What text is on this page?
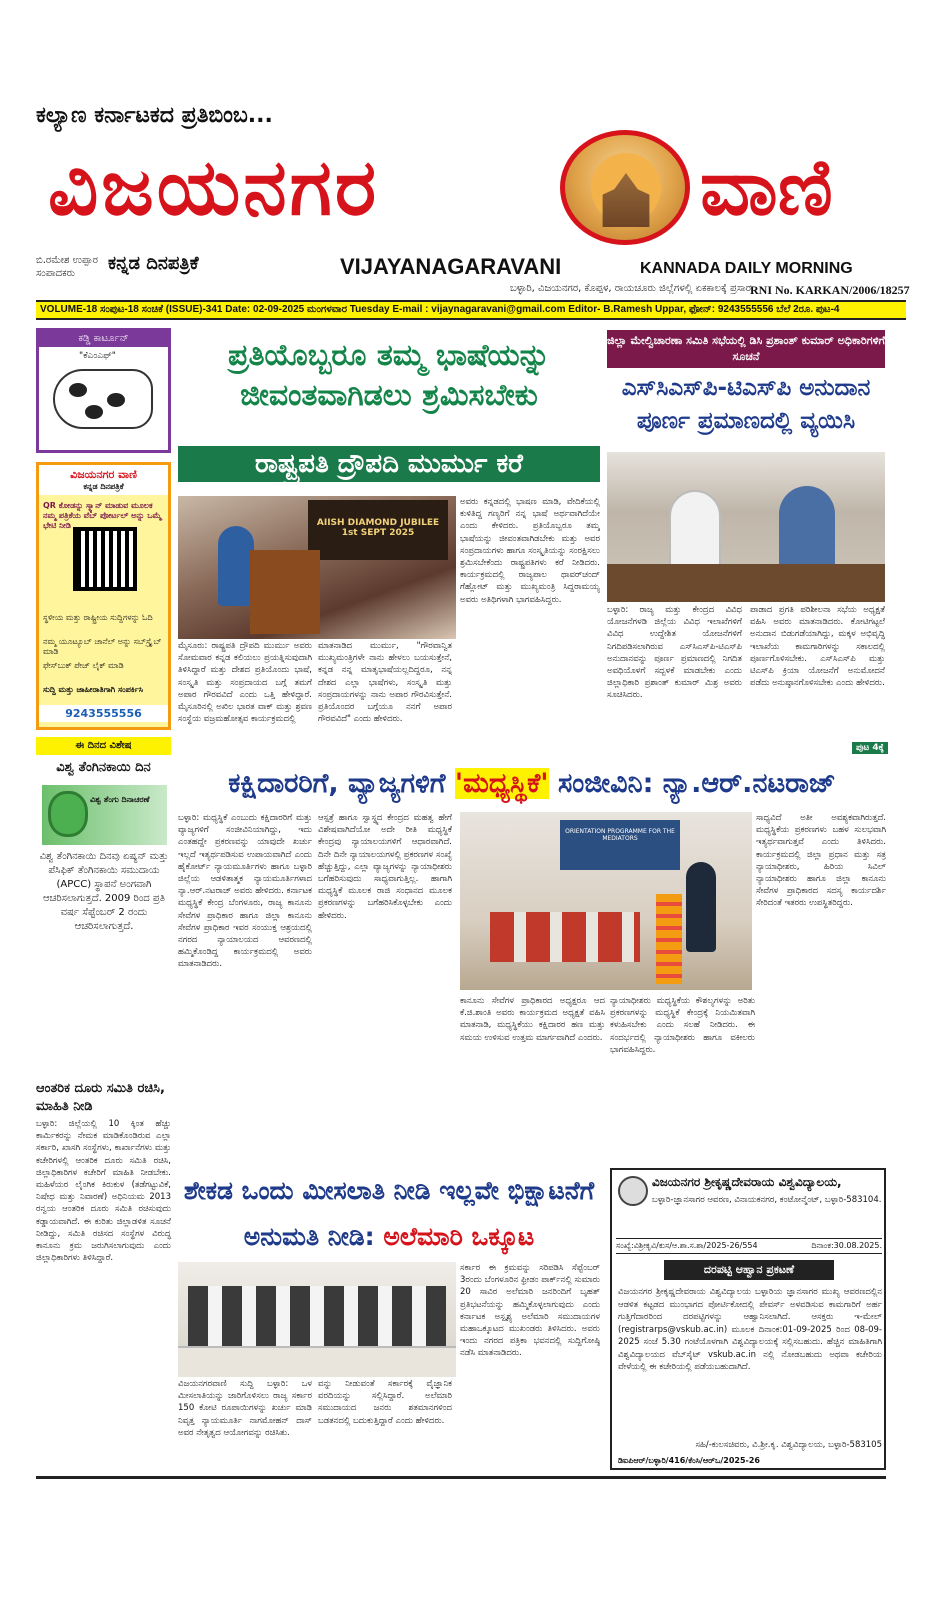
ಕಲ್ಯಾಣ ಕರ್ನಾಟಕದ ಪ್ರತಿಬಿಂಬ...
ವಿಜಯನಗರ	ವಾಣಿ
ಬಿ.ರಮೇಶ ಉಪ್ಪಾರ
ಸಂಪಾದಕರು	ಕನ್ನಡ ದಿನಪತ್ರಿಕೆ	VIJAYANAGARAVANI	KANNADA DAILY MORNING
ಬಳ್ಳಾರಿ, ವಿಜಯನಗರ, ಕೊಪ್ಪಳ, ರಾಯಚೂರು ಜಿಲ್ಲೆಗಳಲ್ಲಿ ಏಕಕಾಲಕ್ಕೆ ಪ್ರಸಾರ RNI No. KARKAN/2006/18257
VOLUME-18 ಸಂಪುಟ-18 ಸಂಚಿಕೆ (ISSUE)-341 Date: 02-09-2025 ಮಂಗಳವಾರ Tuesday E-mail : vijaynagaravani@gmail.com Editor- B.Ramesh Uppar, ಫೋನ್: 9243555556 ಬೆಲೆ 2ರೂ. ಪುಟ-4
ಕಡ್ಡಿ ಕಾರ್ಟೂನ್
"ಕೆಎಂಎಫ್"
ವಿಜಯನಗರ ವಾಣಿ
ಕನ್ನಡ ದಿನಪತ್ರಿಕೆ
QR ಕೋಡನ್ನು ಸ್ಕ್ಯಾನ್ ಮಾಡುವ ಮೂಲಕ ನಮ್ಮ ಪತ್ರಿಕೆಯ ವೆಬ್ ಪೋರ್ಟಲ್ ಅನ್ನು ಒಮ್ಮೆ ಭೇಟಿ ನೀಡಿ
ಸ್ಥಳೀಯ ಮತ್ತು ರಾಷ್ಟ್ರೀಯ ಸುದ್ದಿಗಳನ್ನು ಓದಿ
ನಮ್ಮ ಯೂಟ್ಯೂಬ್ ಚಾನೆಲ್ ಅನ್ನು ಸಬ್‌ಸ್ಕ್ರೈಬ್ ಮಾಡಿ
ಫೇಸ್‌ಬುಕ್ ಪೇಜ್ ಲೈಕ್ ಮಾಡಿ
ಸುದ್ದಿ ಮತ್ತು ಜಾಹೀರಾತಿಗಾಗಿ ಸಂಪರ್ಕಿಸಿ
9243555556
ಈ ದಿನದ ವಿಶೇಷ
ವಿಶ್ವ ತೆಂಗಿನಕಾಯಿ ದಿನ
ವಿಶ್ವ ತೆಂಗು ದಿನಾಚರಣೆ
ವಿಶ್ವ ತೆಂಗಿನಕಾಯಿ ದಿನವು ಏಷ್ಯನ್ ಮತ್ತು ಪೆಸಿಫಿಕ್ ತೆಂಗಿನಕಾಯಿ ಸಮುದಾಯ (APCC) ಸ್ಥಾಪನೆ ಅಂಗವಾಗಿ ಆಚರಿಸಲಾಗುತ್ತದೆ. 2009 ರಿಂದ ಪ್ರತಿ ವರ್ಷ ಸೆಪ್ಟೆಂಬರ್ 2 ರಂದು ಆಚರಿಸಲಾಗುತ್ತದೆ.
ಆಂತರಿಕ ದೂರು ಸಮಿತಿ ರಚಿಸಿ, ಮಾಹಿತಿ ನೀಡಿ
ಬಳ್ಳಾರಿ: ಜಿಲ್ಲೆಯಲ್ಲಿ 10 ಕ್ಕಿಂತ ಹೆಚ್ಚು ಕಾರ್ಮಿಕರನ್ನು ನೇಮಕ ಮಾಡಿಕೊಂಡಿರುವ ಎಲ್ಲಾ ಸರ್ಕಾರಿ, ಖಾಸಗಿ ಸಂಸ್ಥೆಗಳು, ಕಾರ್ಖಾನೆಗಳು ಮತ್ತು ಕಚೇರಿಗಳಲ್ಲಿ ಆಂತರಿಕ ದೂರು ಸಮಿತಿ ರಚಿಸಿ, ಜಿಲ್ಲಾಧಿಕಾರಿಗಳ ಕಚೇರಿಗೆ ಮಾಹಿತಿ ನೀಡಬೇಕು. ಮಹಿಳೆಯರ ಲೈಂಗಿಕ ಕಿರುಕುಳ (ತಡೆಗಟ್ಟುವಿಕೆ, ನಿಷೇಧ ಮತ್ತು ನಿವಾರಣೆ) ಅಧಿನಿಯಮ 2013 ರನ್ವಯ ಆಂತರಿಕ ದೂರು ಸಮಿತಿ ರಚಿಸುವುದು ಕಡ್ಡಾಯವಾಗಿದೆ. ಈ ಕುರಿತು ಜಿಲ್ಲಾಡಳಿತ ಸೂಚನೆ ನೀಡಿದ್ದು, ಸಮಿತಿ ರಚಿಸದ ಸಂಸ್ಥೆಗಳ ವಿರುದ್ಧ ಕಾನೂನು ಕ್ರಮ ಜರುಗಿಸಲಾಗುವುದು ಎಂದು ಜಿಲ್ಲಾಧಿಕಾರಿಗಳು ತಿಳಿಸಿದ್ದಾರೆ.
ಪ್ರತಿಯೊಬ್ಬರೂ ತಮ್ಮ ಭಾಷೆಯನ್ನು ಜೀವಂತವಾಗಿಡಲು ಶ್ರಮಿಸಬೇಕು
ರಾಷ್ಟ್ರಪತಿ ದ್ರೌಪದಿ ಮುರ್ಮು ಕರೆ
AIISH DIAMOND JUBILEE 1st SEPT 2025
ಮೈಸೂರು: ರಾಷ್ಟ್ರಪತಿ ದ್ರೌಪದಿ ಮುರ್ಮು ಅವರು ಸೋಮವಾರ ಕನ್ನಡ ಕಲಿಯಲು ಪ್ರಯತ್ನಿಸುವುದಾಗಿ ತಿಳಿಸಿದ್ದಾರೆ ಮತ್ತು ದೇಶದ ಪ್ರತಿಯೊಂದು ಭಾಷೆ, ಸಂಸ್ಕೃತಿ ಮತ್ತು ಸಂಪ್ರದಾಯದ ಬಗ್ಗೆ ತಮಗೆ ಅಪಾರ ಗೌರವವಿದೆ ಎಂದು ಒತ್ತಿ ಹೇಳಿದ್ದಾರೆ. ಮೈಸೂರಿನಲ್ಲಿ ಅಖಿಲ ಭಾರತ ವಾಕ್ ಮತ್ತು ಶ್ರವಣ ಸಂಸ್ಥೆಯ ವಜ್ರಮಹೋತ್ಸವ ಕಾರ್ಯಕ್ರಮದಲ್ಲಿ
ಮಾತನಾಡಿದ ಮುರ್ಮು, "ಗೌರವಾನ್ವಿತ ಮುಖ್ಯಮಂತ್ರಿಗಳೇ ನಾನು ಹೇಳಲು ಬಯಸುತ್ತೇನೆ, ಕನ್ನಡ ನನ್ನ ಮಾತೃಭಾಷೆಯಲ್ಲದಿದ್ದರೂ, ನನ್ನ ದೇಶದ ಎಲ್ಲಾ ಭಾಷೆಗಳು, ಸಂಸ್ಕೃತಿ ಮತ್ತು ಸಂಪ್ರದಾಯಗಳನ್ನು ನಾನು ಅಪಾರ ಗೌರವಿಸುತ್ತೇನೆ. ಪ್ರತಿಯೊಂದರ ಬಗ್ಗೆಯೂ ನನಗೆ ಅಪಾರ ಗೌರವವಿದೆ" ಎಂದು ಹೇಳಿದರು.
ಅವರು ಕನ್ನಡದಲ್ಲಿ ಭಾಷಣ ಮಾಡಿ, ವೇದಿಕೆಯಲ್ಲಿ ಕುಳಿತಿದ್ದ ಗಣ್ಯರಿಗೆ ನನ್ನ ಭಾಷೆ ಅರ್ಥವಾಗಿದೆಯೇ ಎಂದು ಕೇಳಿದರು. ಪ್ರತಿಯೊಬ್ಬರೂ ತಮ್ಮ ಭಾಷೆಯನ್ನು ಜೀವಂತವಾಗಿಡಬೇಕು ಮತ್ತು ಅವರ ಸಂಪ್ರದಾಯಗಳು ಹಾಗೂ ಸಂಸ್ಕೃತಿಯನ್ನು ಸಂರಕ್ಷಿಸಲು ಶ್ರಮಿಸಬೇಕೆಂದು ರಾಷ್ಟ್ರಪತಿಗಳು ಕರೆ ನೀಡಿದರು. ಕಾರ್ಯಕ್ರಮದಲ್ಲಿ ರಾಜ್ಯಪಾಲ ಥಾವರ್‌ಚಂದ್ ಗೆಹ್ಲೋಟ್ ಮತ್ತು ಮುಖ್ಯಮಂತ್ರಿ ಸಿದ್ದರಾಮಯ್ಯ ಅವರು ಅತಿಥಿಗಳಾಗಿ ಭಾಗವಹಿಸಿದ್ದರು.
ಜಿಲ್ಲಾ ಮೇಲ್ವಿಚಾರಣಾ ಸಮಿತಿ ಸಭೆಯಲ್ಲಿ ಡಿಸಿ ಪ್ರಶಾಂತ್ ಕುಮಾರ್ ಅಧಿಕಾರಿಗಳಿಗೆ ಸೂಚನೆ
ಎಸ್‌ಸಿಎಸ್‌ಪಿ-ಟಿಎಸ್‌ಪಿ ಅನುದಾನ ಪೂರ್ಣ ಪ್ರಮಾಣದಲ್ಲಿ ವ್ಯಯಿಸಿ
ಬಳ್ಳಾರಿ: ರಾಜ್ಯ ಮತ್ತು ಕೇಂದ್ರದ ವಿವಿಧ ಯೋಜನೆಗಳಡಿ ಜಿಲ್ಲೆಯ ವಿವಿಧ ಇಲಾಖೆಗಳಿಗೆ ವಿವಿಧ ಉದ್ದೇಶಿತ ಯೋಜನೆಗಳಿಗೆ ನಿಗದಿಪಡಿಸಲಾಗಿರುವ ಎಸ್‌ಸಿಎಸ್‌ಪಿ-ಟಿಎಸ್‌ಪಿ ಅನುದಾನವನ್ನು ಪೂರ್ಣ ಪ್ರಮಾಣದಲ್ಲಿ ನಿಗದಿತ ಅವಧಿಯೊಳಗೆ ಸದ್ಬಳಕೆ ಮಾಡಬೇಕು ಎಂದು ಜಿಲ್ಲಾಧಿಕಾರಿ ಪ್ರಶಾಂತ್ ಕುಮಾರ್ ಮಿಶ್ರ ಅವರು ಸೂಚಿಸಿದರು.
ಪಾಡಾದ ಪ್ರಗತಿ ಪರಿಶೀಲನಾ ಸಭೆಯ ಅಧ್ಯಕ್ಷತೆ ವಹಿಸಿ ಅವರು ಮಾತನಾಡಿದರು. ಕೋಟಿಗಟ್ಟಲೆ ಅನುದಾನ ಬಿಡುಗಡೆಯಾಗಿದ್ದು, ಮಕ್ಕಳ ಅಭಿವೃದ್ಧಿ ಇಲಾಖೆಯ ಕಾಮಗಾರಿಗಳನ್ನು ಸಕಾಲದಲ್ಲಿ ಪೂರ್ಣಗೊಳಿಸಬೇಕು. ಎಸ್‌ಸಿಎಸ್‌ಪಿ ಮತ್ತು ಟಿಎಸ್‌ಪಿ ಕ್ರಿಯಾ ಯೋಜನೆಗೆ ಅನುಮೋದನೆ ಪಡೆದು ಅನುಷ್ಠಾನಗೊಳಿಸಬೇಕು ಎಂದು ಹೇಳಿದರು.
ಪುಟ 4ಕ್ಕೆ
ಕಕ್ಷಿದಾರರಿಗೆ, ವ್ಯಾಜ್ಯಗಳಿಗೆ 'ಮಧ್ಯಸ್ಥಿಕೆ' ಸಂಜೀವಿನಿ: ನ್ಯಾ.ಆರ್.ನಟರಾಜ್
ಬಳ್ಳಾರಿ: ಮಧ್ಯಸ್ಥಿಕೆ ಎಂಬುದು ಕಕ್ಷಿದಾರರಿಗೆ ಮತ್ತು ವ್ಯಾಜ್ಯಗಳಿಗೆ ಸಂಜೀವಿನಿಯಾಗಿದ್ದು, ಇದು ಎಂತಹದ್ದೇ ಪ್ರಕರಣವನ್ನು ಯಾವುದೇ ಖರ್ಚು ಇಲ್ಲದೆ ಇತ್ಯರ್ಥಪಡಿಸುವ ಉಪಾಯವಾಗಿದೆ ಎಂದು ಹೈಕೋರ್ಟ್ ನ್ಯಾಯಮೂರ್ತಿಗಳು ಹಾಗೂ ಬಳ್ಳಾರಿ ಜಿಲ್ಲೆಯ ಆಡಳಿತಾತ್ಮಕ ನ್ಯಾಯಮೂರ್ತಿಗಳಾದ ನ್ಯಾ.ಆರ್.ನಟರಾಜ್ ಅವರು ಹೇಳಿದರು. ಕರ್ನಾಟಕ ಮಧ್ಯಸ್ಥಿಕೆ ಕೇಂದ್ರ ಬೆಂಗಳೂರು, ರಾಜ್ಯ ಕಾನೂನು ಸೇವೆಗಳ ಪ್ರಾಧಿಕಾರ ಹಾಗೂ ಜಿಲ್ಲಾ ಕಾನೂನು ಸೇವೆಗಳ ಪ್ರಾಧಿಕಾರ ಇವರ ಸಂಯುಕ್ತ ಆಶ್ರಯದಲ್ಲಿ ನಗರದ ನ್ಯಾಯಾಲಯದ ಆವರಣದಲ್ಲಿ ಹಮ್ಮಿಕೊಂಡಿದ್ದ ಕಾರ್ಯಕ್ರಮದಲ್ಲಿ ಅವರು ಮಾತನಾಡಿದರು.
ಆಸ್ಪತ್ರೆ ಹಾಗೂ ಸ್ವಾಸ್ಥ್ಯದ ಕೇಂದ್ರದ ಮಹತ್ವ ಹೇಗೆ ವಿಶೇಷವಾಗಿದೆಯೋ ಅದೇ ರೀತಿ ಮಧ್ಯಸ್ಥಿಕೆ ಕೇಂದ್ರವು ನ್ಯಾಯಾಲಯಗಳಿಗೆ ಆಧಾರವಾಗಿದೆ. ದಿನೇ ದಿನೇ ನ್ಯಾಯಾಲಯಗಳಲ್ಲಿ ಪ್ರಕರಣಗಳ ಸಂಖ್ಯೆ ಹೆಚ್ಚುತ್ತಿದ್ದು, ಎಲ್ಲಾ ವ್ಯಾಜ್ಯಗಳನ್ನು ನ್ಯಾಯಾಧೀಶರು ಬಗೆಹರಿಸುವುದು ಸಾಧ್ಯವಾಗುತ್ತಿಲ್ಲ. ಹಾಗಾಗಿ ಮಧ್ಯಸ್ಥಿಕೆ ಮೂಲಕ ರಾಜಿ ಸಂಧಾನದ ಮೂಲಕ ಪ್ರಕರಣಗಳನ್ನು ಬಗೆಹರಿಸಿಕೊಳ್ಳಬೇಕು ಎಂದು ಹೇಳಿದರು.
ORIENTATION PROGRAMME FOR THE MEDIATORS
ಸಾಧ್ಯವಿದೆ ಅತೀ ಅವಶ್ಯಕವಾಗಿರುತ್ತದೆ. ಮಧ್ಯಸ್ಥಿಕೆಯ ಪ್ರಕರಣಗಳು ಬಹಳ ಸುಲಭವಾಗಿ ಇತ್ಯರ್ಥವಾಗುತ್ತವೆ ಎಂದು ತಿಳಿಸಿದರು. ಕಾರ್ಯಕ್ರಮದಲ್ಲಿ ಜಿಲ್ಲಾ ಪ್ರಧಾನ ಮತ್ತು ಸತ್ರ ನ್ಯಾಯಾಧೀಶರು, ಹಿರಿಯ ಸಿವಿಲ್ ನ್ಯಾಯಾಧೀಶರು ಹಾಗೂ ಜಿಲ್ಲಾ ಕಾನೂನು ಸೇವೆಗಳ ಪ್ರಾಧಿಕಾರದ ಸದಸ್ಯ ಕಾರ್ಯದರ್ಶಿ ಸೇರಿದಂತೆ ಇತರರು ಉಪಸ್ಥಿತರಿದ್ದರು.
ಕಾನೂನು ಸೇವೆಗಳ ಪ್ರಾಧಿಕಾರದ ಅಧ್ಯಕ್ಷರೂ ಆದ ಕೆ.ಜಿ.ಶಾಂತಿ ಅವರು ಕಾರ್ಯಕ್ರಮದ ಅಧ್ಯಕ್ಷತೆ ವಹಿಸಿ ಮಾತನಾಡಿ, ಮಧ್ಯಸ್ಥಿಕೆಯು ಕಕ್ಷಿದಾರರ ಹಣ ಮತ್ತು ಸಮಯ ಉಳಿಸುವ ಉತ್ತಮ ಮಾರ್ಗವಾಗಿದೆ ಎಂದರು.
ನ್ಯಾಯಾಧೀಶರು ಮಧ್ಯಸ್ಥಿಕೆಯ ಕೌಶಲ್ಯಗಳನ್ನು ಅರಿತು ಪ್ರಕರಣಗಳನ್ನು ಮಧ್ಯಸ್ಥಿಕೆ ಕೇಂದ್ರಕ್ಕೆ ನಿಯಮಿತವಾಗಿ ಕಳುಹಿಸಬೇಕು ಎಂದು ಸಲಹೆ ನೀಡಿದರು. ಈ ಸಂದರ್ಭದಲ್ಲಿ ನ್ಯಾಯಾಧೀಶರು ಹಾಗೂ ವಕೀಲರು ಭಾಗವಹಿಸಿದ್ದರು.
ಶೇಕಡ ಒಂದು ಮೀಸಲಾತಿ ನೀಡಿ ಇಲ್ಲವೇ ಭಿಕ್ಷಾಟನೆಗೆ ಅನುಮತಿ ನೀಡಿ: ಅಲೆಮಾರಿ ಒಕ್ಕೂಟ
ವಿಜಯನಗರವಾಣಿ ಸುದ್ದಿ ಬಳ್ಳಾರಿ: ಒಳ ಮೀಸಲಾತಿಯನ್ನು ಜಾರಿಗೊಳಿಸಲು ರಾಜ್ಯ ಸರ್ಕಾರ 150 ಕೋಟಿ ರೂಪಾಯಿಗಳನ್ನು ಖರ್ಚು ಮಾಡಿ ನಿವೃತ್ತ ನ್ಯಾಯಮೂರ್ತಿ ನಾಗಮೋಹನ್ ದಾಸ್ ಅವರ ನೇತೃತ್ವದ ಆಯೋಗವನ್ನು ರಚಿಸಿತು.
ವನ್ನು ನೀಡುವಂತೆ ಸರ್ಕಾರಕ್ಕೆ ವೈಜ್ಞಾನಿಕ ವರದಿಯನ್ನು ಸಲ್ಲಿಸಿದ್ದಾರೆ. ಅಲೆಮಾರಿ ಸಮುದಾಯದ ಜನರು ಶತಮಾನಗಳಿಂದ ಬಡತನದಲ್ಲಿ ಬದುಕುತ್ತಿದ್ದಾರೆ ಎಂದು ಹೇಳಿದರು.
ಸರ್ಕಾರ ಈ ಕ್ರಮವನ್ನು ಸರಿಪಡಿಸಿ ಸೆಪ್ಟೆಂಬರ್ 3ರಂದು ಬೆಂಗಳೂರಿನ ಫ್ರೀಡಂ ಪಾರ್ಕ್‌ನಲ್ಲಿ ಸುಮಾರು 20 ಸಾವಿರ ಅಲೆಮಾರಿ ಜನರಿಂದಿಗೆ ಬೃಹತ್ ಪ್ರತಿಭಟನೆಯನ್ನು ಹಮ್ಮಿಕೊಳ್ಳಲಾಗುವುದು ಎಂದು ಕರ್ನಾಟಕ ಅಸ್ಪೃಶ್ಯ ಅಲೆಮಾರಿ ಸಮುದಾಯಗಳ ಮಹಾಒಕ್ಕೂಟದ ಮುಖಂಡರು ತಿಳಿಸಿದರು. ಅವರು ಇಂದು ನಗರದ ಪತ್ರಿಕಾ ಭವನದಲ್ಲಿ ಸುದ್ದಿಗೋಷ್ಠಿ ನಡೆಸಿ ಮಾತನಾಡಿದರು.
ವಿಜಯನಗರ ಶ್ರೀಕೃಷ್ಣದೇವರಾಯ ವಿಶ್ವವಿದ್ಯಾಲಯ,
ಬಳ್ಳಾರಿ-ಜ್ಞಾನಸಾಗರ ಆವರಣ, ವಿನಾಯಕನಗರ, ಕಂಟೋನ್ಮೆಂಟ್, ಬಳ್ಳಾರಿ-583104.
ಸಂಖ್ಯೆ:ವಿಶ್ರೀಕೃವಿ/ಕುಸ/ಆ.ಶಾ.ಸ.ಶಾ/2025-26/554	ದಿನಾಂಕ:30.08.2025.
ದರಪಟ್ಟಿ ಆಹ್ವಾನ ಪ್ರಕಟಣೆ
ವಿಜಯನಗರ ಶ್ರೀಕೃಷ್ಣದೇವರಾಯ ವಿಶ್ವವಿದ್ಯಾಲಯ ಬಳ್ಳಾರಿಯ ಜ್ಞಾನಸಾಗರ ಮುಖ್ಯ ಆವರಣದಲ್ಲಿನ ಆಡಳಿತ ಕಟ್ಟಡದ ಮುಂಭಾಗದ ಪೋರ್ಟಿಕೋದಲ್ಲಿ ಪೇವರ್ಸ್ ಅಳವಡಿಸುವ ಕಾಮಗಾರಿಗೆ ಅರ್ಹ ಗುತ್ತಿಗೆದಾರರಿಂದ ದರಪಟ್ಟಿಗಳನ್ನು ಆಹ್ವಾನಿಸಲಾಗಿದೆ. ಆಸಕ್ತರು ಇ-ಮೇಲ್ (registrarps@vskub.ac.in) ಮೂಲಕ ದಿನಾಂಕ:01-09-2025 ರಿಂದ 08-09-2025 ಸಂಜೆ 5.30 ಗಂಟೆಯೊಳಗಾಗಿ ವಿಶ್ವವಿದ್ಯಾಲಯಕ್ಕೆ ಸಲ್ಲಿಸಬಹುದು. ಹೆಚ್ಚಿನ ಮಾಹಿತಿಗಾಗಿ ವಿಶ್ವವಿದ್ಯಾಲಯದ ವೆಬ್‌ಸೈಟ್ vskub.ac.in ನಲ್ಲಿ ನೋಡಬಹುದು ಅಥವಾ ಕಚೇರಿಯ ವೇಳೆಯಲ್ಲಿ ಈ ಕಚೇರಿಯಲ್ಲಿ ಪಡೆಯಬಹುದಾಗಿದೆ.
ಸಹಿ/-ಕುಲಸಚಿವರು, ವಿ.ಶ್ರೀ.ಕೃ. ವಿಶ್ವವಿದ್ಯಾಲಯ, ಬಳ್ಳಾರಿ-583105
ಡಿಐಪಿಆರ್/ಬಳ್ಳಾರಿ/416/ಕೆಂಸಿ/ಆರ್‌ಒ/2025-26
